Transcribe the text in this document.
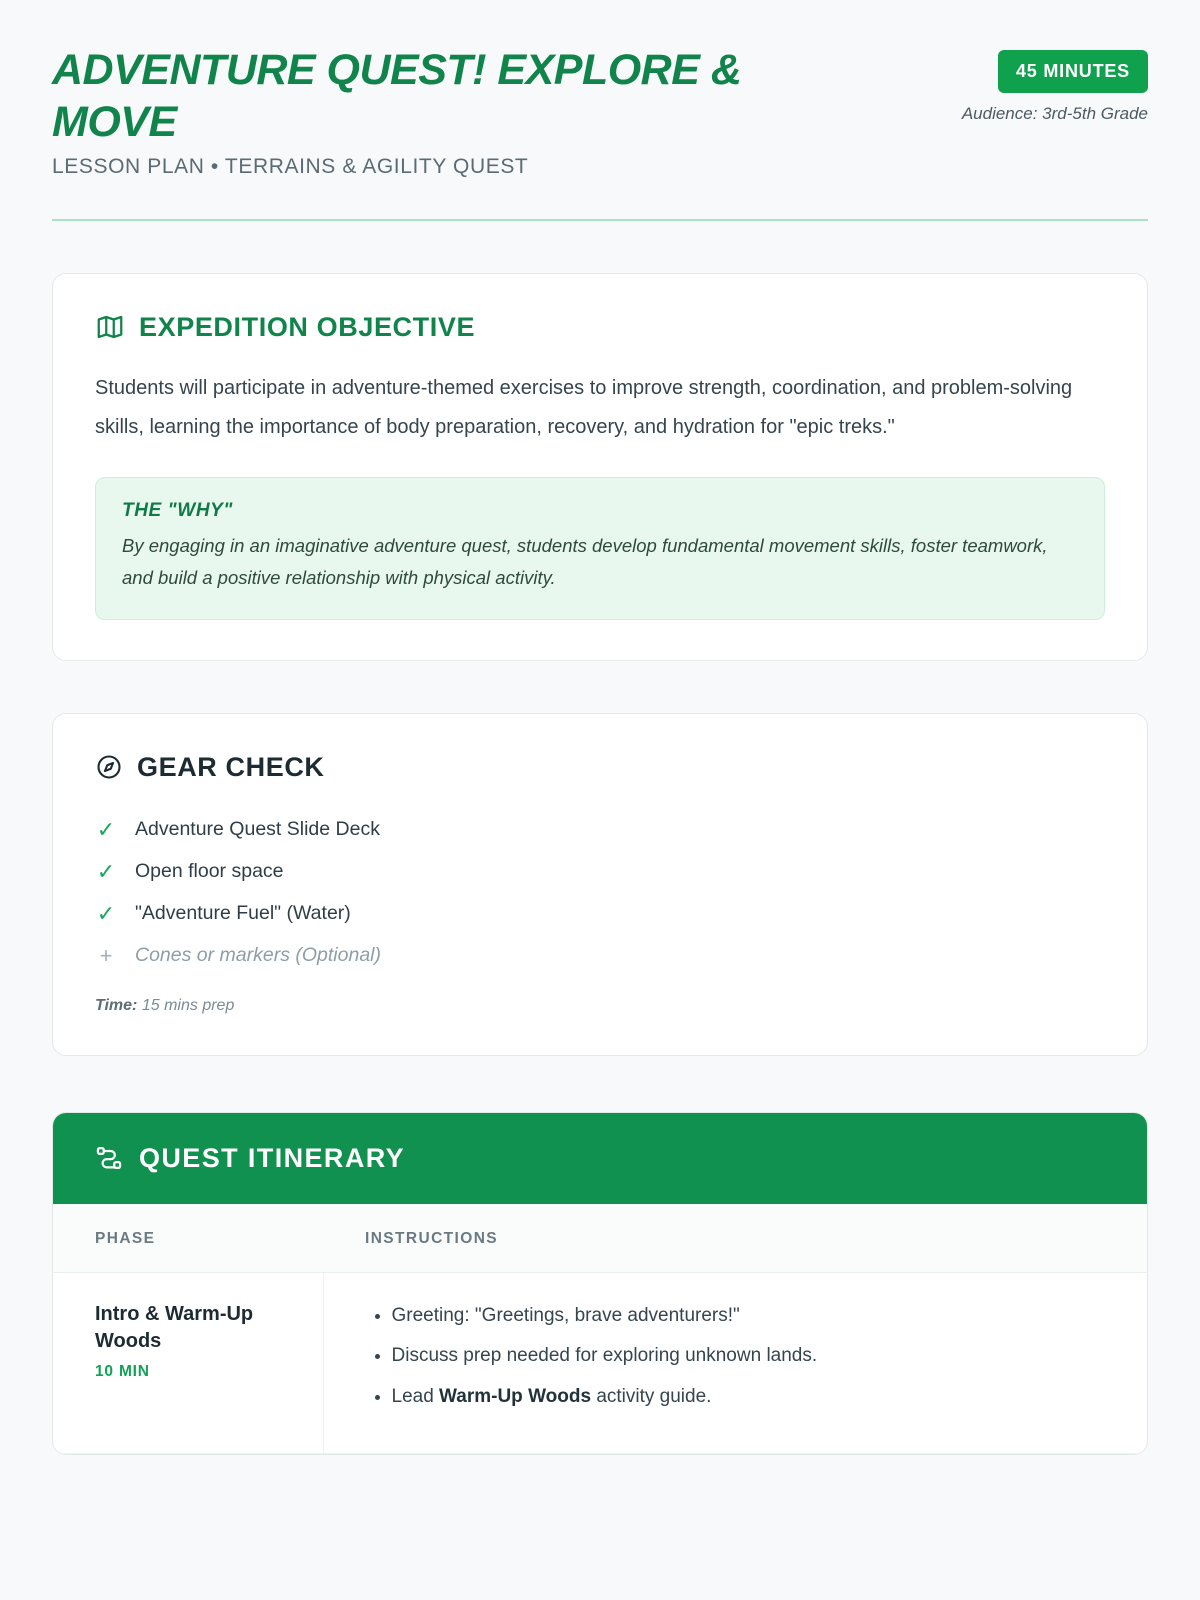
ADVENTURE QUEST! EXPLORE & MOVE

LESSON PLAN • TERRAINS & AGILITY QUEST

45 MINUTES
Audience: 3rd-5th Grade
EXPEDITION OBJECTIVE

Students will participate in adventure-themed exercises to improve strength, coordination, and problem-solving skills, learning the importance of body preparation, recovery, and hydration for "epic treks."

THE "WHY"

By engaging in an imaginative adventure quest, students develop fundamental movement skills, foster teamwork, and build a positive relationship with physical activity.

GEAR CHECK
✓ Adventure Quest Slide Deck
✓ Open floor space
✓ "Adventure Fuel" (Water)
+ Cones or markers (Optional)
Time: 15 mins prep
QUEST ITINERARY
PHASE	INSTRUCTIONS

Intro & Warm-Up Woods
10 MIN

• Greeting: "Greetings, brave adventurers!"
• Discuss prep needed for exploring unknown lands.
• Lead Warm-Up Woods activity guide.
